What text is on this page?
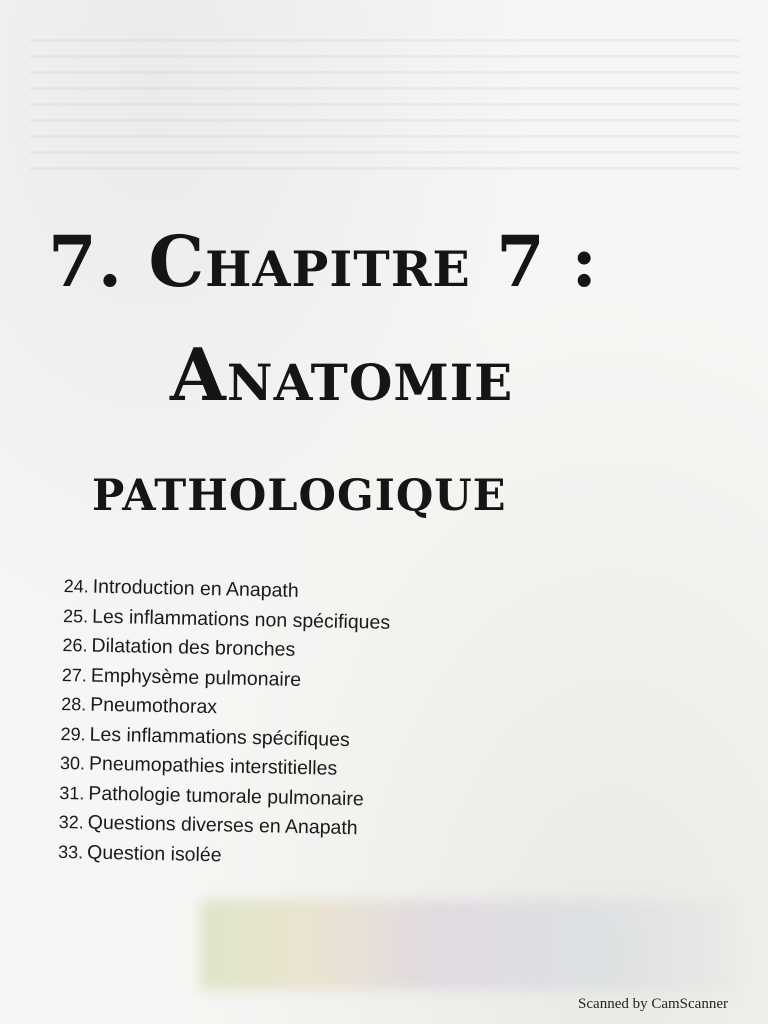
7. Chapitre 7 :
Anatomie
pathologique
24. Introduction en Anapath
25. Les inflammations non spécifiques
26. Dilatation des bronches
27. Emphysème pulmonaire
28. Pneumothorax
29. Les inflammations spécifiques
30. Pneumopathies interstitielles
31. Pathologie tumorale pulmonaire
32. Questions diverses en Anapath
33. Question isolée
Scanned by CamScanner
